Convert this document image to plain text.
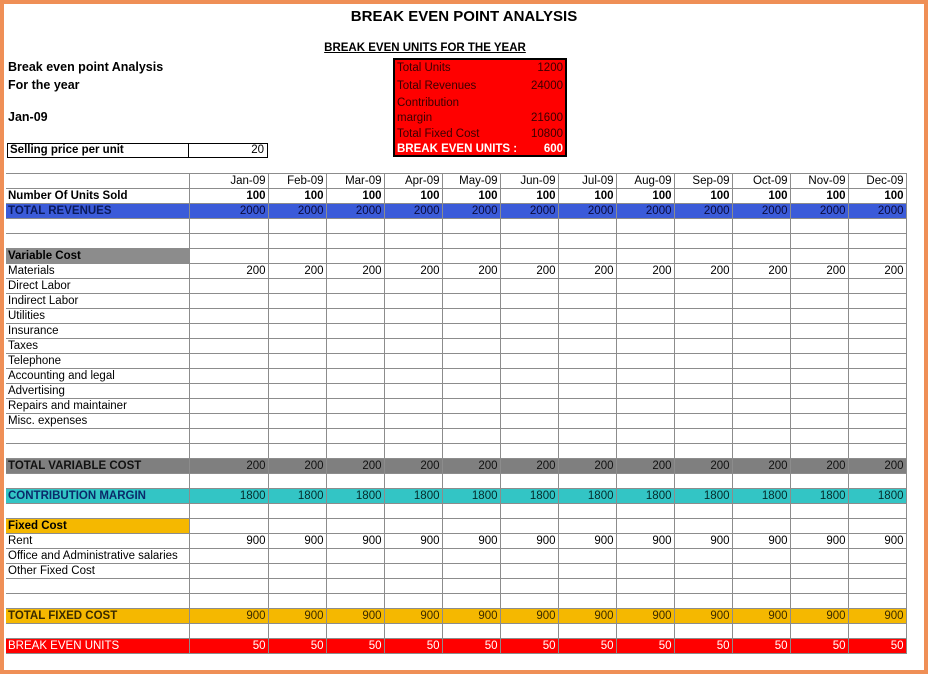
BREAK EVEN POINT ANALYSIS
BREAK EVEN UNITS FOR THE YEAR
Break even point Analysis
For the year
Jan-09
Total Units	1200
Total Revenues	24000
Contribution
margin	21600
Total Fixed Cost	10800
BREAK EVEN UNITS : 600
Selling price per unit	20
	Jan-09	Feb-09	Mar-09	Apr-09	May-09	Jun-09	Jul-09	Aug-09	Sep-09	Oct-09	Nov-09	Dec-09
Number Of Units Sold	100	100	100	100	100	100	100	100	100	100	100	100
TOTAL REVENUES	2000	2000	2000	2000	2000	2000	2000	2000	2000	2000	2000	2000

Variable Cost												
Materials	200	200	200	200	200	200	200	200	200	200	200	200
Direct Labor												
Indirect Labor												
Utilities												
Insurance												
Taxes												
Telephone												
Accounting and legal												
Advertising												
Repairs and maintainer												
Misc. expenses												

TOTAL VARIABLE COST	200	200	200	200	200	200	200	200	200	200	200	200

CONTRIBUTION MARGIN	1800	1800	1800	1800	1800	1800	1800	1800	1800	1800	1800	1800

Fixed Cost												
Rent	900	900	900	900	900	900	900	900	900	900	900	900
Office and Administrative salaries												
Other Fixed Cost												

TOTAL FIXED COST	900	900	900	900	900	900	900	900	900	900	900	900

BREAK EVEN UNITS	50	50	50	50	50	50	50	50	50	50	50	50
